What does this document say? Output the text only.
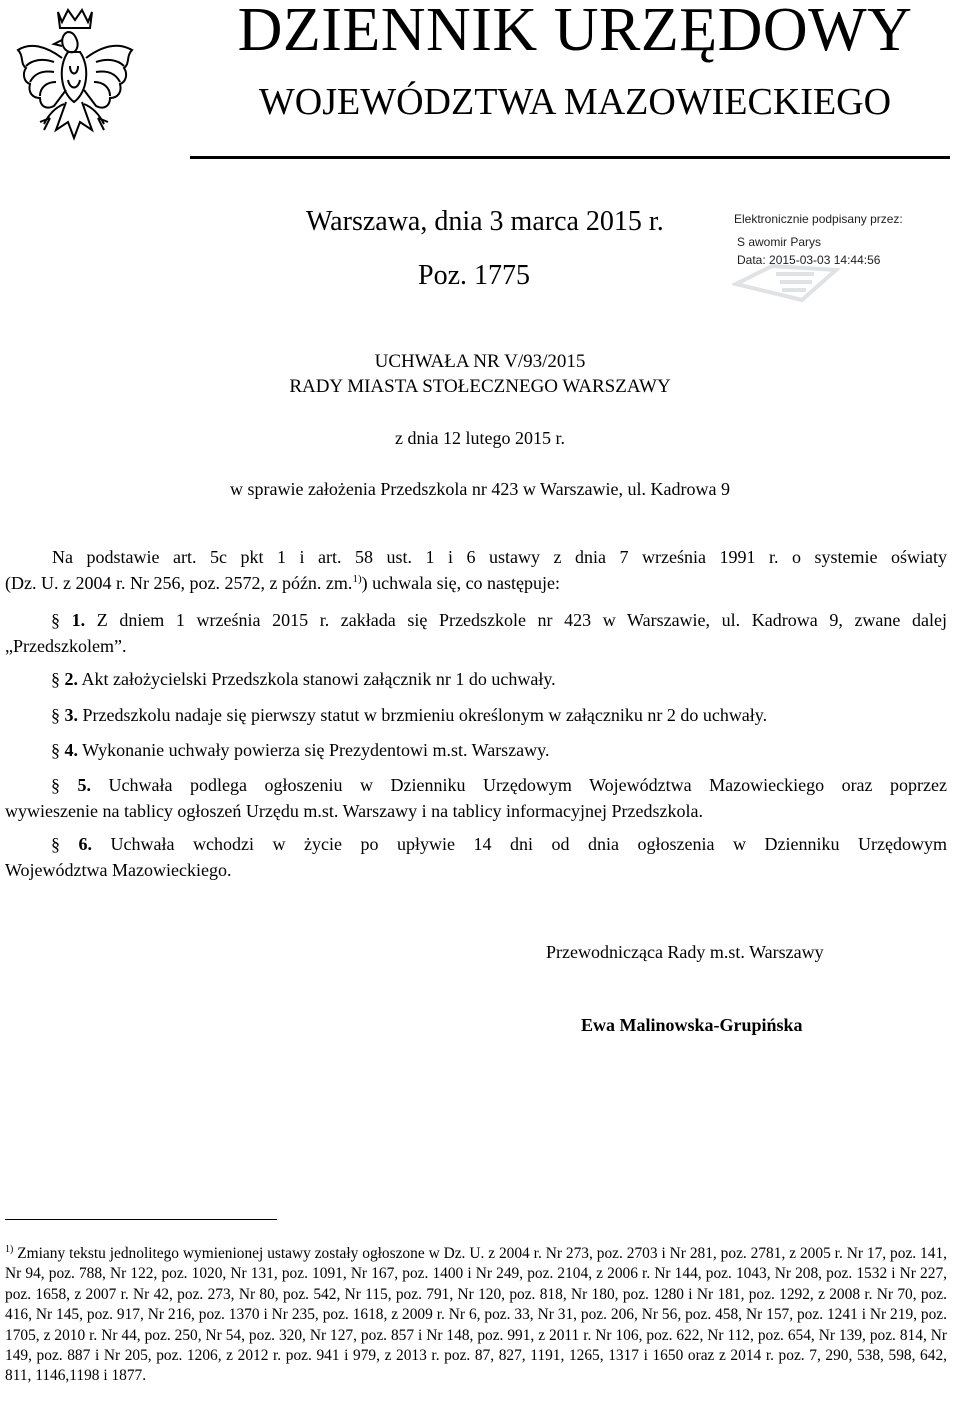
DZIENNIK URZĘDOWY
WOJEWÓDZTWA MAZOWIECKIEGO
Warszawa, dnia 3 marca 2015 r.
Poz. 1775
Elektronicznie podpisany przez:
S awomir Parys
Data: 2015-03-03 14:44:56
UCHWAŁA NR V/93/2015
RADY MIASTA STOŁECZNEGO WARSZAWY
z dnia 12 lutego 2015 r.
w sprawie założenia Przedszkola nr 423 w Warszawie, ul. Kadrowa 9

Na podstawie art. 5c pkt 1 i art. 58 ust. 1 i 6 ustawy z dnia 7 września 1991 r. o systemie oświaty

(Dz. U. z 2004 r. Nr 256, poz. 2572, z późn. zm.$^{1)}$) uchwala się, co następuje:

§ 1. Z dniem 1 września 2015 r. zakłada się Przedszkole nr 423 w Warszawie, ul. Kadrowa 9, zwane dalej

„Przedszkolem”.

§ 2. Akt założycielski Przedszkola stanowi załącznik nr 1 do uchwały.

§ 3. Przedszkolu nadaje się pierwszy statut w brzmieniu określonym w załączniku nr 2 do uchwały.

§ 4. Wykonanie uchwały powierza się Prezydentowi m.st. Warszawy.

§ 5. Uchwała podlega ogłoszeniu w Dzienniku Urzędowym Województwa Mazowieckiego oraz poprzez

wywieszenie na tablicy ogłoszeń Urzędu m.st. Warszawy i na tablicy informacyjnej Przedszkola.

§ 6. Uchwała wchodzi w życie po upływie 14 dni od dnia ogłoszenia w Dzienniku Urzędowym

Województwa Mazowieckiego.

Przewodnicząca Rady m.st. Warszawy
Ewa Malinowska-Grupińska
$^{1)}$ Zmiany tekstu jednolitego wymienionej ustawy zostały ogłoszone w Dz. U. z 2004 r. Nr 273, poz. 2703 i Nr 281, poz. 2781, z 2005 r. Nr 17, poz. 141, Nr 94, poz. 788, Nr 122, poz. 1020, Nr 131, poz. 1091, Nr 167, poz. 1400 i Nr 249, poz. 2104, z 2006 r. Nr 144, poz. 1043, Nr 208, poz. 1532 i Nr 227, poz. 1658, z 2007 r. Nr 42, poz. 273, Nr 80, poz. 542, Nr 115, poz. 791, Nr 120, poz. 818, Nr 180, poz. 1280 i Nr 181, poz. 1292, z 2008 r. Nr 70, poz. 416, Nr 145, poz. 917, Nr 216, poz. 1370 i Nr 235, poz. 1618, z 2009 r. Nr 6, poz. 33, Nr 31, poz. 206, Nr 56, poz. 458, Nr 157, poz. 1241 i Nr 219, poz. 1705, z 2010 r. Nr 44, poz. 250, Nr 54, poz. 320, Nr 127, poz. 857 i Nr 148, poz. 991, z 2011 r. Nr 106, poz. 622, Nr 112, poz. 654, Nr 139, poz. 814, Nr 149, poz. 887 i Nr 205, poz. 1206, z 2012 r. poz. 941 i 979, z 2013 r. poz. 87, 827, 1191, 1265, 1317 i 1650 oraz z 2014 r. poz. 7, 290, 538, 598, 642, 811, 1146,1198 i 1877.
